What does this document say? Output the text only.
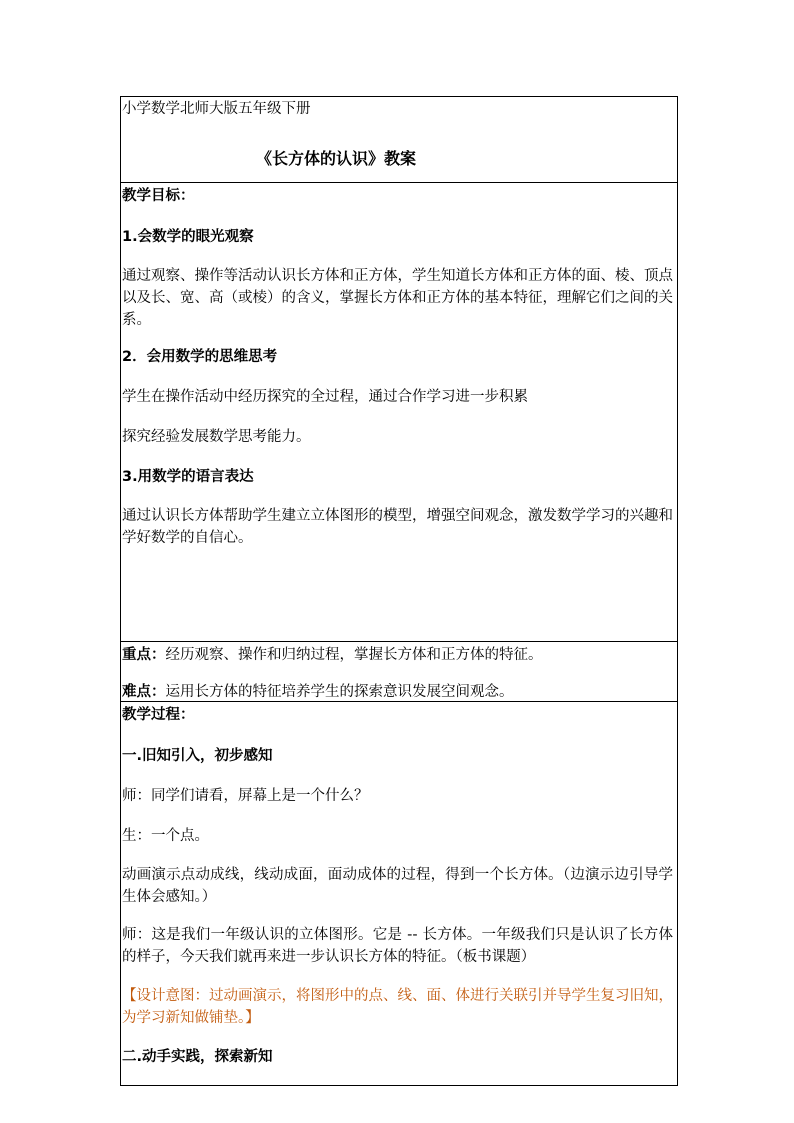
小学数学北师大版五年级下册
《长方体的认识》教案
教学目标：
1.会数学的眼光观察
通过观察、操作等活动认识长方体和正方体，学生知道长方体和正方体的面、棱、顶点以及长、宽、高（或棱）的含义，掌握长方体和正方体的基本特征，理解它们之间的关系。
2．会用数学的思维思考
学生在操作活动中经历探究的全过程，通过合作学习进一步积累
探究经验发展数学思考能力。
3.用数学的语言表达
通过认识长方体帮助学生建立立体图形的模型，增强空间观念，激发数学学习的兴趣和学好数学的自信心。
重点：经历观察、操作和归纳过程，掌握长方体和正方体的特征。
难点：运用长方体的特征培养学生的探索意识发展空间观念。
教学过程：
一.旧知引入，初步感知
师：同学们请看，屏幕上是一个什么？
生：一个点。
动画演示点动成线，线动成面，面动成体的过程，得到一个长方体。（边演示边引导学生体会感知。）
师：这是我们一年级认识的立体图形。它是 -- 长方体。一年级我们只是认识了长方体的样子，今天我们就再来进一步认识长方体的特征。（板书课题）
【设计意图：过动画演示，将图形中的点、线、面、体进行关联引并导学生复习旧知，为学习新知做铺垫。】
二.动手实践，探索新知
